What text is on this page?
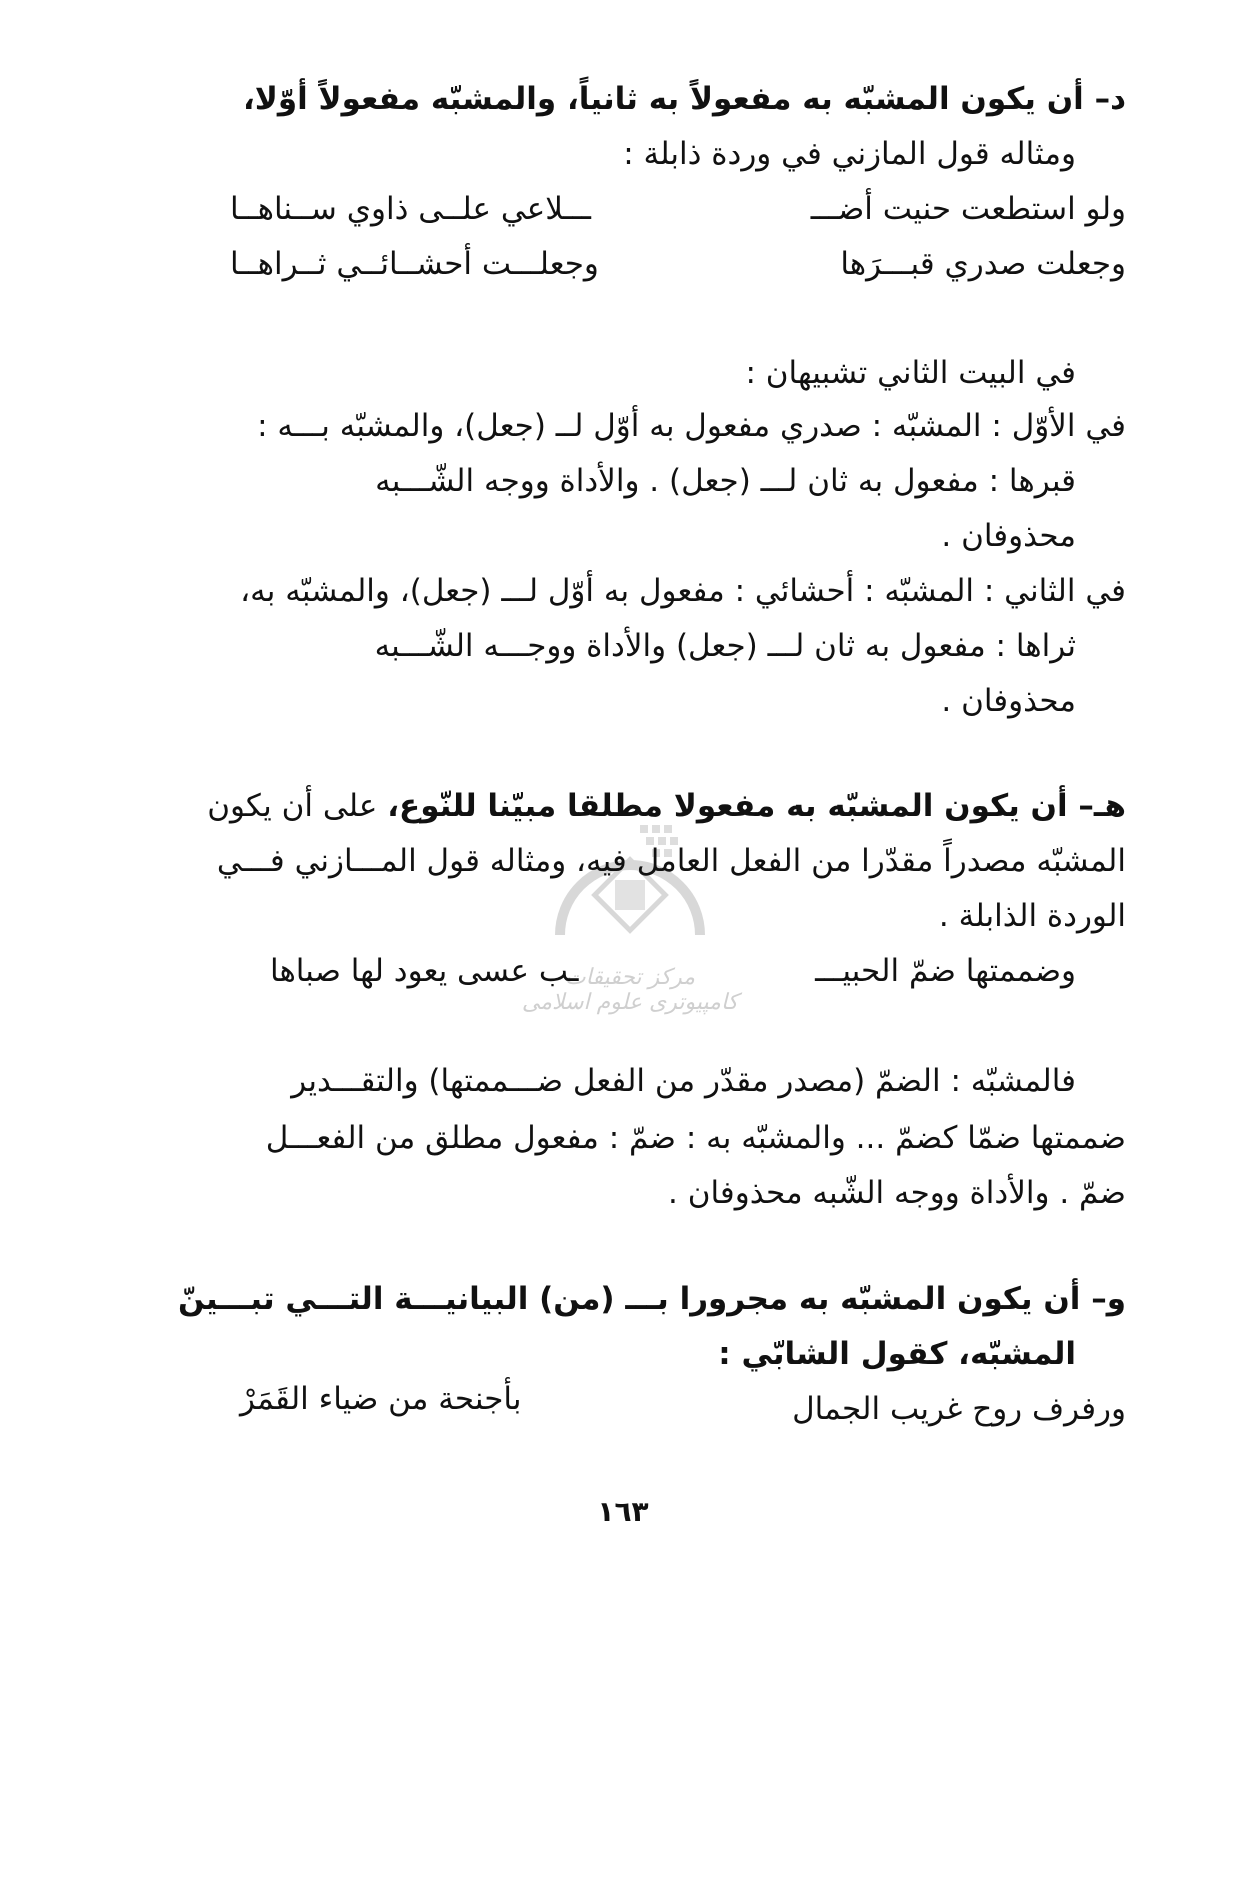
د– أن يكون المشبّه به مفعولاً به ثانياً، والمشبّه مفعولاً أوّلا،
ومثاله قول المازني في وردة ذابلة :
ولو استطعت حنيت أضـــ
ـــلاعي علــى ذاوي ســناهــا
وجعلت صدري قبـــرَها
وجعلـــت أحشــائــي ثــراهــا
في البيت الثاني تشبيهان :
في الأوّل : المشبّه : صدري مفعول به أوّل لــ (جعل)، والمشبّه بـــه :
قبرها : مفعول به ثان لـــ (جعل) . والأداة ووجه الشّـــبه
محذوفان .
في الثاني : المشبّه : أحشائي : مفعول به أوّل لـــ (جعل)، والمشبّه به،
ثراها : مفعول به ثان لـــ (جعل) والأداة ووجـــه الشّـــبه
محذوفان .
مرکز تحقیقات کامپیوتری علوم اسلامی
هـ– أن يكون المشبّه به مفعولا مطلقا مبيّنا للنّوع، على أن يكون
المشبّه مصدراً مقدّرا من الفعل العامل فيه، ومثاله قول المـــازني فـــي
الوردة الذابلة .
وضممتها ضمّ الحبيـــ
ـب عسى يعود لها صباها
فالمشبّه : الضمّ (مصدر مقدّر من الفعل ضـــممتها) والتقـــدير
ضممتها ضمّا كضمّ ... والمشبّه به : ضمّ : مفعول مطلق من الفعـــل
ضمّ . والأداة ووجه الشّبه محذوفان .
و– أن يكون المشبّه به مجرورا بـــ (من) البيانيـــة التـــي تبـــينّ
المشبّه، كقول الشابّي :
ورفرف روح غريب الجمال
بأجنحة من ضياء القَمَرْ
١٦٣
